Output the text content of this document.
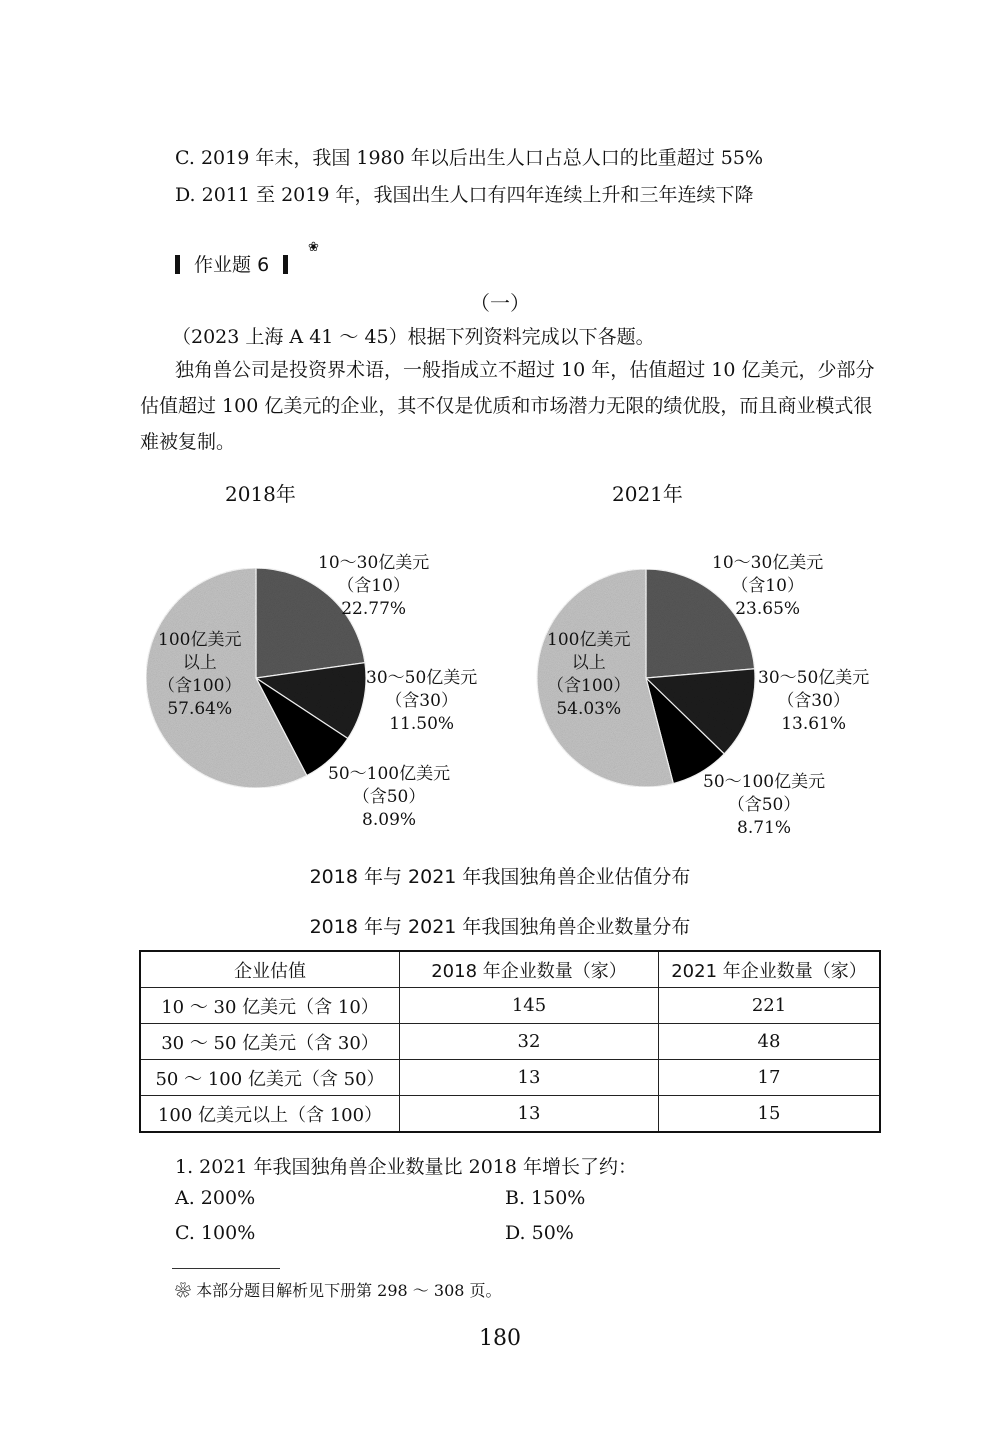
C. 2019 年末，我国 1980 年以后出生人口占总人口的比重超过 55%
D. 2011 至 2019 年，我国出生人口有四年连续上升和三年连续下降
作业题 6
❀
（一）
（2023 上海 A 41 ～ 45）根据下列资料完成以下各题。
独角兽公司是投资界术语，一般指成立不超过 10 年，估值超过 10 亿美元，少部分估值超过 100 亿美元的企业，其不仅是优质和市场潜力无限的绩优股，而且商业模式很难被复制。
2018年	2021年
10～30亿美元
（含10）
22.77%
30～50亿美元
（含30）
11.50%
50～100亿美元
（含50）
8.09%
100亿美元
以上
（含100）
57.64%
10～30亿美元
（含10）
23.65%
30～50亿美元
（含30）
13.61%
50～100亿美元
（含50）
8.71%
100亿美元
以上
（含100）
54.03%
2018 年与 2021 年我国独角兽企业估值分布
2018 年与 2021 年我国独角兽企业数量分布
企业估值	2018 年企业数量（家）	2021 年企业数量（家）
10 ～ 30 亿美元（含 10）	145	221
30 ～ 50 亿美元（含 30）	32	48
50 ～ 100 亿美元（含 50）	13	17
100 亿美元以上（含 100）	13	15
1. 2021 年我国独角兽企业数量比 2018 年增长了约：
A. 200%	B. 150%
C. 100%	D. 50%
❀ 本部分题目解析见下册第 298 ～ 308 页。
180
